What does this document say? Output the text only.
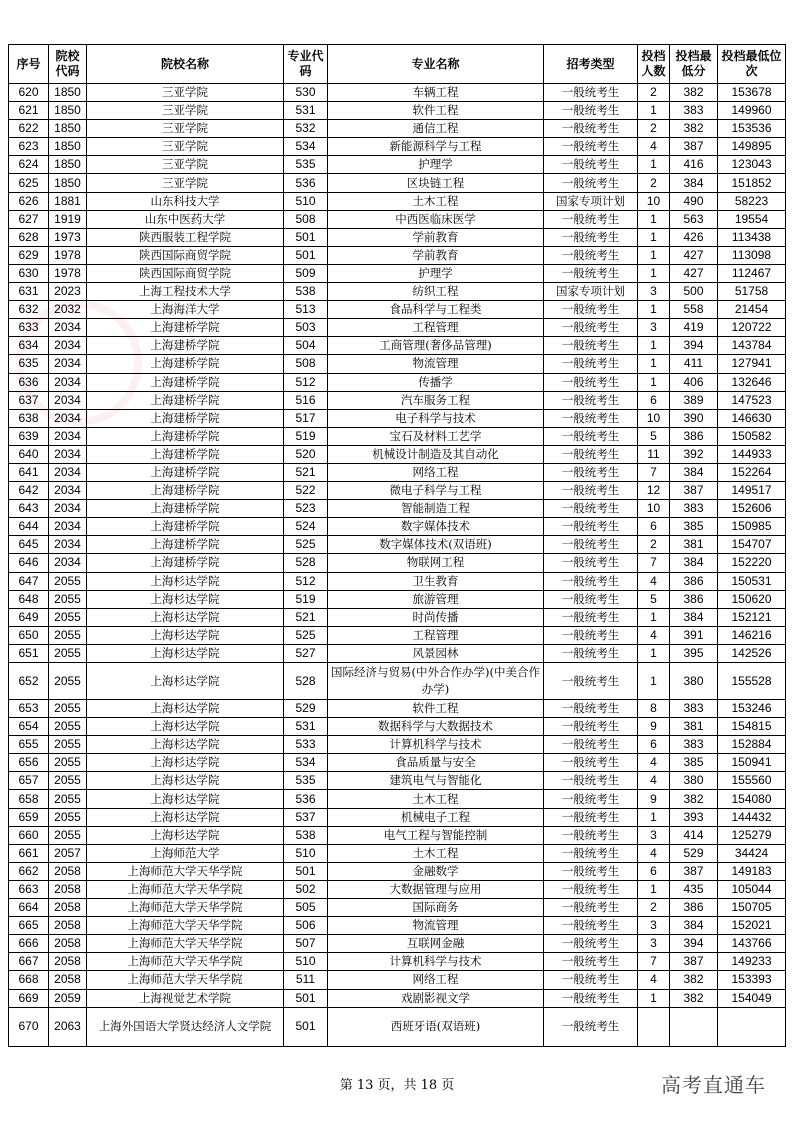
序号	院校代码	院校名称	专业代码	专业名称	招考类型	投档人数	投档最低分	投档最低位次
620	1850	三亚学院	530	车辆工程	一般统考生	2	382	153678
621	1850	三亚学院	531	软件工程	一般统考生	1	383	149960
622	1850	三亚学院	532	通信工程	一般统考生	2	382	153536
623	1850	三亚学院	534	新能源科学与工程	一般统考生	4	387	149895
624	1850	三亚学院	535	护理学	一般统考生	1	416	123043
625	1850	三亚学院	536	区块链工程	一般统考生	2	384	151852
626	1881	山东科技大学	510	土木工程	国家专项计划	10	490	58223
627	1919	山东中医药大学	508	中西医临床医学	一般统考生	1	563	19554
628	1973	陕西服装工程学院	501	学前教育	一般统考生	1	426	113438
629	1978	陕西国际商贸学院	501	学前教育	一般统考生	1	427	113098
630	1978	陕西国际商贸学院	509	护理学	一般统考生	1	427	112467
631	2023	上海工程技术大学	538	纺织工程	国家专项计划	3	500	51758
632	2032	上海海洋大学	513	食品科学与工程类	一般统考生	1	558	21454
633	2034	上海建桥学院	503	工程管理	一般统考生	3	419	120722
634	2034	上海建桥学院	504	工商管理(奢侈品管理)	一般统考生	1	394	143784
635	2034	上海建桥学院	508	物流管理	一般统考生	1	411	127941
636	2034	上海建桥学院	512	传播学	一般统考生	1	406	132646
637	2034	上海建桥学院	516	汽车服务工程	一般统考生	6	389	147523
638	2034	上海建桥学院	517	电子科学与技术	一般统考生	10	390	146630
639	2034	上海建桥学院	519	宝石及材料工艺学	一般统考生	5	386	150582
640	2034	上海建桥学院	520	机械设计制造及其自动化	一般统考生	11	392	144933
641	2034	上海建桥学院	521	网络工程	一般统考生	7	384	152264
642	2034	上海建桥学院	522	微电子科学与工程	一般统考生	12	387	149517
643	2034	上海建桥学院	523	智能制造工程	一般统考生	10	383	152606
644	2034	上海建桥学院	524	数字媒体技术	一般统考生	6	385	150985
645	2034	上海建桥学院	525	数字媒体技术(双语班)	一般统考生	2	381	154707
646	2034	上海建桥学院	528	物联网工程	一般统考生	7	384	152220
647	2055	上海杉达学院	512	卫生教育	一般统考生	4	386	150531
648	2055	上海杉达学院	519	旅游管理	一般统考生	5	386	150620
649	2055	上海杉达学院	521	时尚传播	一般统考生	1	384	152121
650	2055	上海杉达学院	525	工程管理	一般统考生	4	391	146216
651	2055	上海杉达学院	527	风景园林	一般统考生	1	395	142526
652	2055	上海杉达学院	528	国际经济与贸易(中外合作办学)(中美合作办学)	一般统考生	1	380	155528
653	2055	上海杉达学院	529	软件工程	一般统考生	8	383	153246
654	2055	上海杉达学院	531	数据科学与大数据技术	一般统考生	9	381	154815
655	2055	上海杉达学院	533	计算机科学与技术	一般统考生	6	383	152884
656	2055	上海杉达学院	534	食品质量与安全	一般统考生	4	385	150941
657	2055	上海杉达学院	535	建筑电气与智能化	一般统考生	4	380	155560
658	2055	上海杉达学院	536	土木工程	一般统考生	9	382	154080
659	2055	上海杉达学院	537	机械电子工程	一般统考生	1	393	144432
660	2055	上海杉达学院	538	电气工程与智能控制	一般统考生	3	414	125279
661	2057	上海师范大学	510	土木工程	一般统考生	4	529	34424
662	2058	上海师范大学天华学院	501	金融数学	一般统考生	6	387	149183
663	2058	上海师范大学天华学院	502	大数据管理与应用	一般统考生	1	435	105044
664	2058	上海师范大学天华学院	505	国际商务	一般统考生	2	386	150705
665	2058	上海师范大学天华学院	506	物流管理	一般统考生	3	384	152021
666	2058	上海师范大学天华学院	507	互联网金融	一般统考生	3	394	143766
667	2058	上海师范大学天华学院	510	计算机科学与技术	一般统考生	7	387	149233
668	2058	上海师范大学天华学院	511	网络工程	一般统考生	4	382	153393
669	2059	上海视觉艺术学院	501	戏剧影视文学	一般统考生	1	382	154049
670	2063	上海外国语大学贤达经济人文学院	501	西班牙语(双语班)	一般统考生			
第 13 页，共 18 页	高考直通车
